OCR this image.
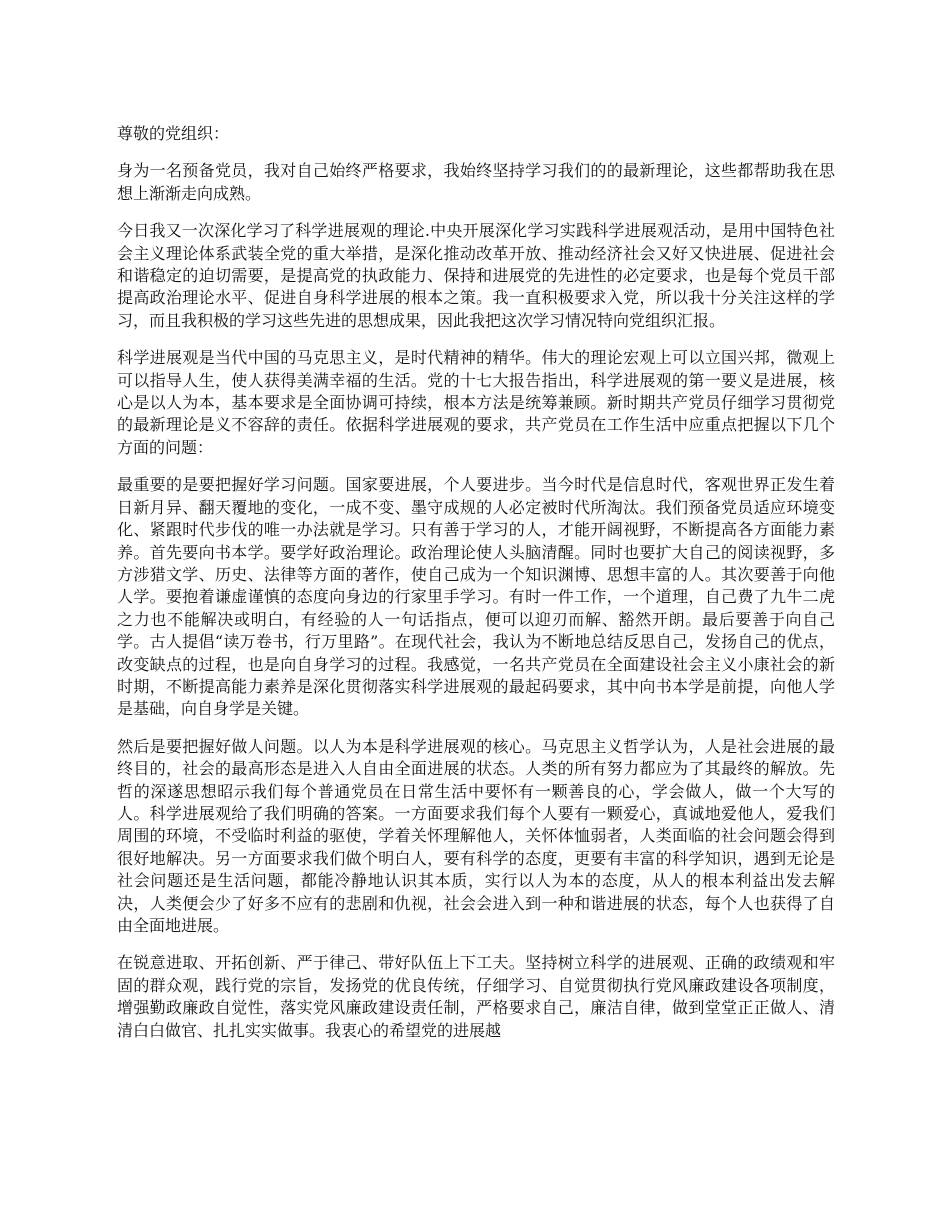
尊敬的党组织：

身为一名预备党员，我对自己始终严格要求，我始终坚持学习我们的的最新理论，这些都帮助我在思想上渐渐走向成熟。

今日我又一次深化学习了科学进展观的理论.中央开展深化学习实践科学进展观活动，是用中国特色社会主义理论体系武装全党的重大举措，是深化推动改革开放、推动经济社会又好又快进展、促进社会和谐稳定的迫切需要，是提高党的执政能力、保持和进展党的先进性的必定要求，也是每个党员干部提高政治理论水平、促进自身科学进展的根本之策。我一直积极要求入党，所以我十分关注这样的学习，而且我积极的学习这些先进的思想成果，因此我把这次学习情况特向党组织汇报。

科学进展观是当代中国的马克思主义，是时代精神的精华。伟大的理论宏观上可以立国兴邦，微观上可以指导人生，使人获得美满幸福的生活。党的十七大报告指出，科学进展观的第一要义是进展，核心是以人为本，基本要求是全面协调可持续，根本方法是统筹兼顾。新时期共产党员仔细学习贯彻党的最新理论是义不容辞的责任。依据科学进展观的要求，共产党员在工作生活中应重点把握以下几个方面的问题：

最重要的是要把握好学习问题。国家要进展，个人要进步。当今时代是信息时代，客观世界正发生着日新月异、翻天覆地的变化，一成不变、墨守成规的人必定被时代所淘汰。我们预备党员适应环境变化、紧跟时代步伐的唯一办法就是学习。只有善于学习的人，才能开阔视野，不断提高各方面能力素养。首先要向书本学。要学好政治理论。政治理论使人头脑清醒。同时也要扩大自己的阅读视野，多方涉猎文学、历史、法律等方面的著作，使自己成为一个知识渊博、思想丰富的人。其次要善于向他人学。要抱着谦虚谨慎的态度向身边的行家里手学习。有时一件工作，一个道理，自己费了九牛二虎之力也不能解决或明白，有经验的人一句话指点，便可以迎刃而解、豁然开朗。最后要善于向自己学。古人提倡“读万卷书，行万里路”。在现代社会，我认为不断地总结反思自己，发扬自己的优点，改变缺点的过程，也是向自身学习的过程。我感觉，一名共产党员在全面建设社会主义小康社会的新时期，不断提高能力素养是深化贯彻落实科学进展观的最起码要求，其中向书本学是前提，向他人学是基础，向自身学是关键。

然后是要把握好做人问题。以人为本是科学进展观的核心。马克思主义哲学认为，人是社会进展的最终目的，社会的最高形态是进入人自由全面进展的状态。人类的所有努力都应为了其最终的解放。先哲的深遂思想昭示我们每个普通党员在日常生活中要怀有一颗善良的心，学会做人，做一个大写的人。科学进展观给了我们明确的答案。一方面要求我们每个人要有一颗爱心，真诚地爱他人，爱我们周围的环境，不受临时利益的驱使，学着关怀理解他人，关怀体恤弱者，人类面临的社会问题会得到很好地解决。另一方面要求我们做个明白人，要有科学的态度，更要有丰富的科学知识，遇到无论是社会问题还是生活问题，都能冷静地认识其本质，实行以人为本的态度，从人的根本利益出发去解决，人类便会少了好多不应有的悲剧和仇视，社会会进入到一种和谐进展的状态，每个人也获得了自由全面地进展。

在锐意进取、开拓创新、严于律己、带好队伍上下工夫。坚持树立科学的进展观、正确的政绩观和牢固的群众观，践行党的宗旨，发扬党的优良传统，仔细学习、自觉贯彻执行党风廉政建设各项制度，增强勤政廉政自觉性，落实党风廉政建设责任制，严格要求自己，廉洁自律，做到堂堂正正做人、清清白白做官、扎扎实实做事。我衷心的希望党的进展越
